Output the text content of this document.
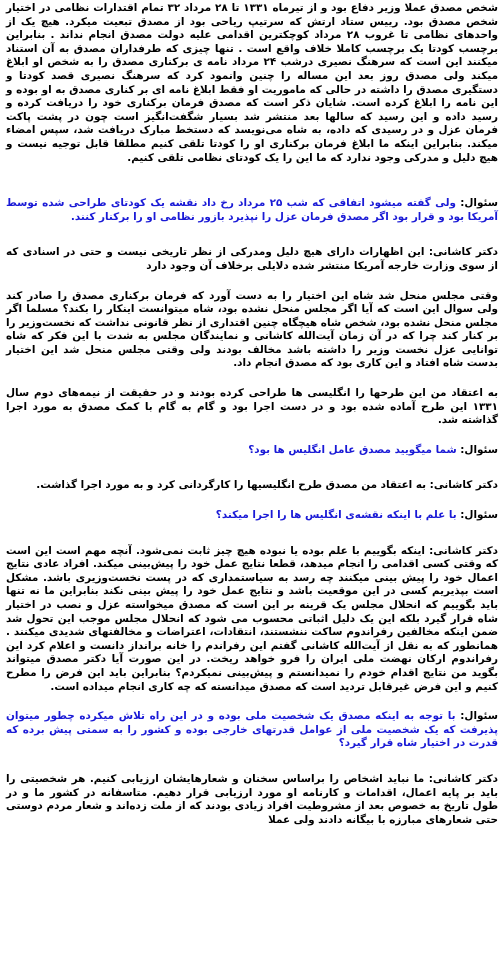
شخص مصدق عملا وزیر دفاع بود و از تیرماه ۱۳۳۱ تا ۲۸ مرداد ۳۲ تمام اقتدارات نظامی در اختیار شخص مصدق بود. رییس ستاد ارتش که سرتیپ ریاحی بود از مصدق تبعیت میکرد. هیچ یک از واحدهای نظامی تا غروب ۲۸ مرداد کوچکترین اقدامی علیه دولت مصدق انجام نداند . بنابراین برچسب کودتا یک برچسب کاملا خلاف واقع است . تنها چیزی که طرفداران مصدق به آن استناد میکنند این است که سرهنگ نصیری درشب ۲۴ مرداد نامه ی برکناری مصدق را به شخص او ابلاغ میکند ولی مصدق روز بعد این مساله را چنین وانمود کرد که سرهنگ نصیری قصد کودتا و دستگیری مصدق را داشته در حالی که ماموریت او فقط ابلاغ نامه ای بر کناری مصدق به او بوده و این نامه را ابلاغ کرده است. شایان ذکر است که مصدق فرمان برکناری خود را دریافت کرده و رسید داده و این رسید که سالها بعد منتشر شد بسیار شگفت‌انگیز است چون در پشت پاکت فرمان عزل و در رسیدی که داده، به شاه می‌نویسد که دستخط مبارک دریافت شد، سپس امضاء میکند. بنابراین اینکه ما ابلاغ فرمان برکناری او را کودتا تلقی کنیم مطلقا قابل توجیه نیست و هیچ دلیل و مدرکی وجود ندارد که ما این را یک کودتای نظامی تلقی کنیم.

سئوال: ولی گفته میشود اتفاقی که شب ۲۵ مرداد رخ داد نقشه یک کودتای طراحی شده توسط آمریکا بود و قرار بود اگر مصدق فرمان عزل را نپذیرد بازور نظامی او را برکنار کنند.

دکتر کاشانی: این اظهارات دارای هیچ دلیل ومدرکی از نظر تاریخی نیست و حتی در اسنادی که از سوی وزارت خارجه آمریکا منتشر شده دلایلی برخلاف آن وجود دارد

وقتی مجلس منحل شد شاه این اختیار را به دست آورد که فرمان برکناری مصدق را صادر کند ولی سوال این است که آیا اگر مجلس منحل نشده بود، شاه میتوانست اینکار را بکند؟ مسلما اگر مجلس منحل نشده بود، شخص شاه هیچگاه چنین اقتداری از نظر قانونی نداشت که نخست‌وزیر را بر کنار کند چرا که در آن زمان آیت‌الله کاشانی و نمایندگان مجلس به شدت با این فکر که شاه توانایی عزل نخست وزیر را داشته باشد مخالف بودند ولی وقتی مجلس منحل شد این اختیار بدست شاه افتاد و این کاری بود که مصدق انجام داد.

به اعتقاد من این طرحها را انگلیسی ها طراحی کرده بودند و در حقیقت از نیمه‌های دوم سال ۱۳۳۱ این طرح آماده شده بود و در دست اجرا بود و گام به گام با کمک مصدق به مورد اجرا گذاشته شد.

سئوال: شما میگویید مصدق عامل انگلیس ها بود؟

دکتر کاشانی: به اعتقاد من مصدق طرح انگلیسیها را کارگردانی کرد و به مورد اجرا گذاشت.

سئوال: با علم با اینکه نقشه‌ی انگلیس ها را اجرا میکند؟

دکتر کاشانی: اینکه بگوییم با علم بوده یا نبوده هیچ چیز ثابت نمی‌شود. آنچه مهم است این است که وقتی کسی اقدامی را انجام میدهد، قطعا نتایج عمل خود را پیش‌بینی میکند. افراد عادی نتایج اعمال خود را پیش بینی میکنند چه رسد به سیاستمداری که در پست نخست‌وزیری باشد. مشکل است بپذیریم کسی در این موقعیت باشد و نتایج عمل خود را پیش بینی نکند بنابراین ما نه تنها باید بگوییم که انحلال مجلس یک قرینه بر این است که مصدق میخواسته عزل و نصب در اختیار شاه قرار گیرد بلکه این یک دلیل اثباتی محسوب می شود که انحلال مجلس موجب این تحول شد ضمن اینکه مخالفین رفراندوم ساکت ننشستند، انتقادات، اعتراضات و مخالفتهای شدیدی میکنند . همانطور که به نقل از آیت‌الله کاشانی گفتم این رفراندم را خانه برانداز دانست و اعلام کرد این رفراندوم ارکان نهضت ملی ایران را فرو خواهد ریخت. در این صورت آیا دکتر مصدق میتواند بگوید من نتایج اقدام خودم را نمیدانستم و پیش‌بینی نمیکردم؟ بنابراین باید این فرض را مطرح کنیم و این فرض غیرقابل تردید است که مصدق میدانسته که چه کاری انجام میداده است.

سئوال: با توجه به اینکه مصدق یک شخصیت ملی بوده و در این راه تلاش میکرده چطور میتوان پذیرفت که یک شخصیت ملی از عوامل قدرتهای خارجی بوده و کشور را به سمتی پیش برده که قدرت در اختیار شاه قرار گیرد؟

دکتر کاشانی: ما نباید اشخاص را براساس سخنان و شعارهایشان ارزیابی کنیم. هر شخصیتی را باید بر پایه اعمال، اقدامات و کارنامه او مورد ارزیابی قرار دهیم. متاسفانه در کشور ما و در طول تاریخ به خصوص بعد از مشروطیت افراد زیادی بودند که از ملت زده‌اند و شعار مردم دوستی حتی شعارهای مبارزه با بیگانه دادند ولی عملا
